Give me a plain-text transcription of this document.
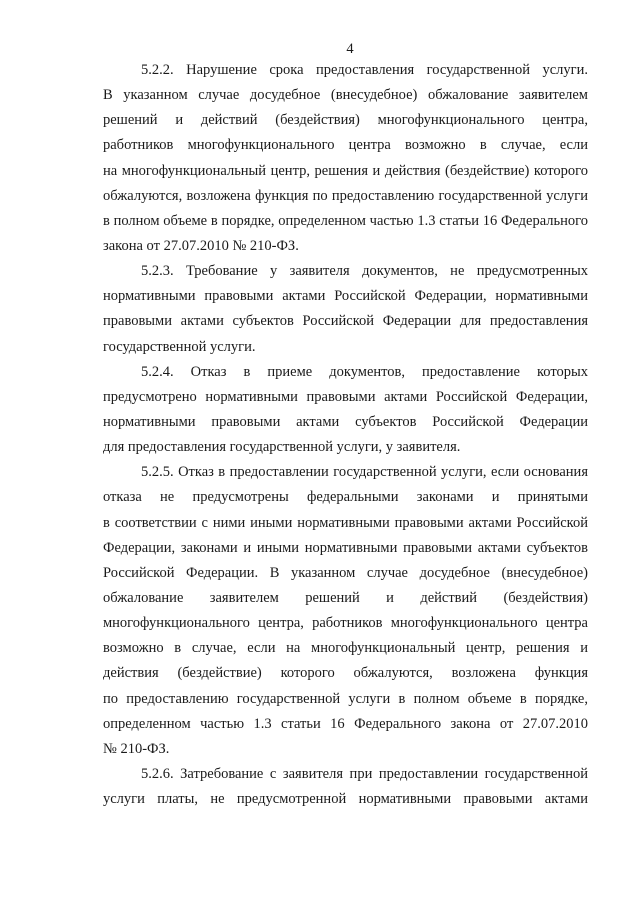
4
5.2.2. Нарушение срока предоставления государственной услуги.
В указанном случае досудебное (внесудебное) обжалование заявителем
решений и действий (бездействия) многофункционального центра,
работников многофункционального центра возможно в случае, если
на многофункциональный центр, решения и действия (бездействие) которого
обжалуются, возложена функция по предоставлению государственной услуги
в полном объеме в порядке, определенном частью 1.3 статьи 16 Федерального
закона от 27.07.2010 № 210-ФЗ.
5.2.3. Требование у заявителя документов, не предусмотренных
нормативными правовыми актами Российской Федерации, нормативными
правовыми актами субъектов Российской Федерации для предоставления
государственной услуги.
5.2.4. Отказ в приеме документов, предоставление которых
предусмотрено нормативными правовыми актами Российской Федерации,
нормативными правовыми актами субъектов Российской Федерации
для предоставления государственной услуги, у заявителя.
5.2.5. Отказ в предоставлении государственной услуги, если основания
отказа не предусмотрены федеральными законами и принятыми
в соответствии с ними иными нормативными правовыми актами Российской
Федерации, законами и иными нормативными правовыми актами субъектов
Российской Федерации. В указанном случае досудебное (внесудебное)
обжалование заявителем решений и действий (бездействия)
многофункционального центра, работников многофункционального центра
возможно в случае, если на многофункциональный центр, решения и
действия (бездействие) которого обжалуются, возложена функция
по предоставлению государственной услуги в полном объеме в порядке,
определенном частью 1.3 статьи 16 Федерального закона от 27.07.2010
№ 210-ФЗ.
5.2.6. Затребование с заявителя при предоставлении государственной
услуги платы, не предусмотренной нормативными правовыми актами
